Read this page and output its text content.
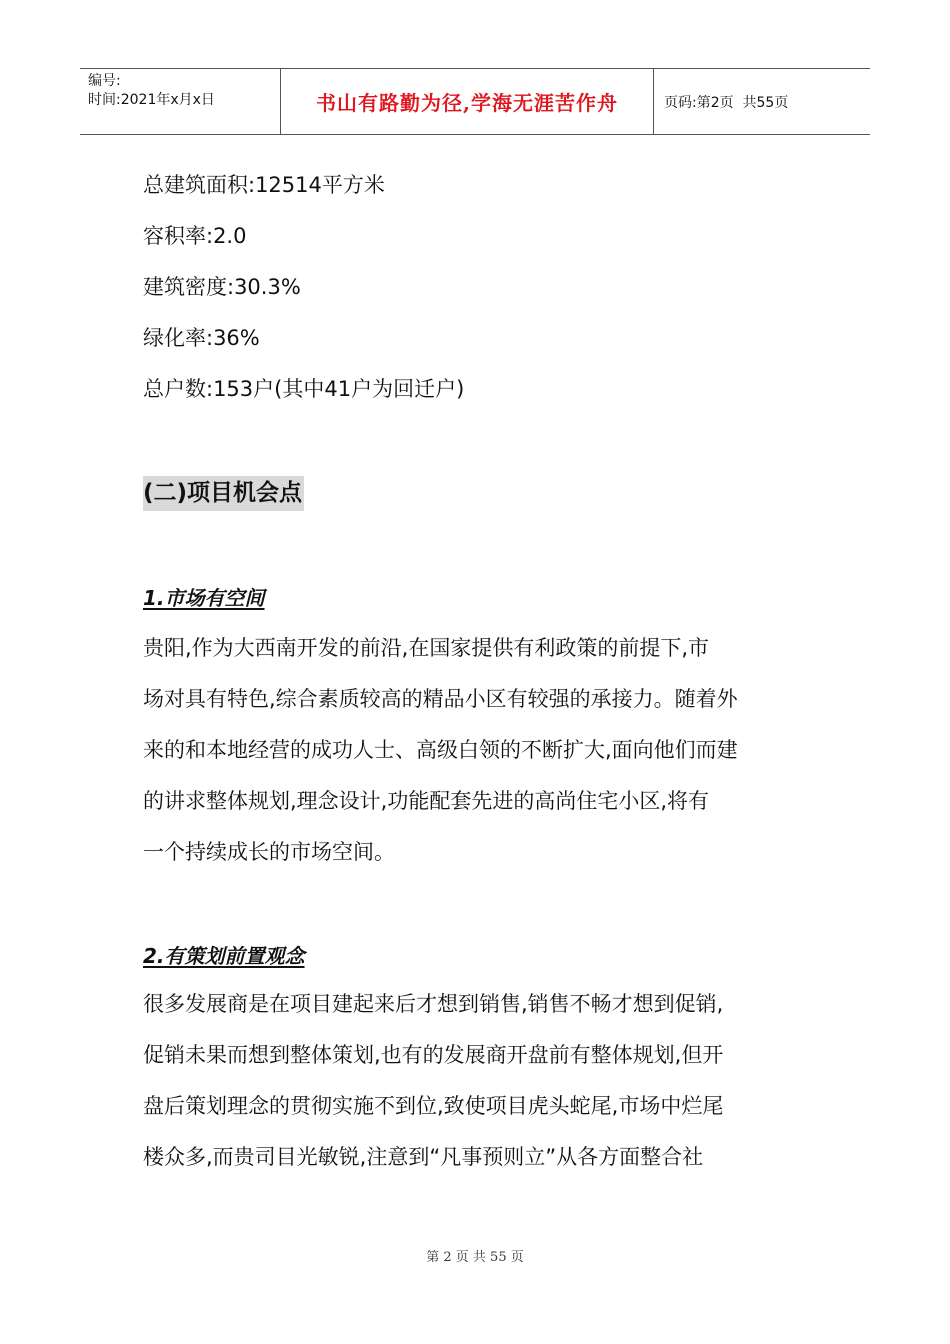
编号:
时间:2021年x月x日	书山有路勤为径,学海无涯苦作舟	页码:第2页  共55页
总建筑面积:12514平方米
容积率:2.0
建筑密度:30.3%
绿化率:36%
总户数:153户(其中41户为回迁户)
(二)项目机会点
1.市场有空间
贵阳,作为大西南开发的前沿,在国家提供有利政策的前提下,市
场对具有特色,综合素质较高的精品小区有较强的承接力。随着外
来的和本地经营的成功人士、高级白领的不断扩大,面向他们而建
的讲求整体规划,理念设计,功能配套先进的高尚住宅小区,将有
一个持续成长的市场空间。
2.有策划前置观念
很多发展商是在项目建起来后才想到销售,销售不畅才想到促销,
促销未果而想到整体策划,也有的发展商开盘前有整体规划,但开
盘后策划理念的贯彻实施不到位,致使项目虎头蛇尾,市场中烂尾
楼众多,而贵司目光敏锐,注意到“凡事预则立”从各方面整合社
第 2 页 共 55 页
